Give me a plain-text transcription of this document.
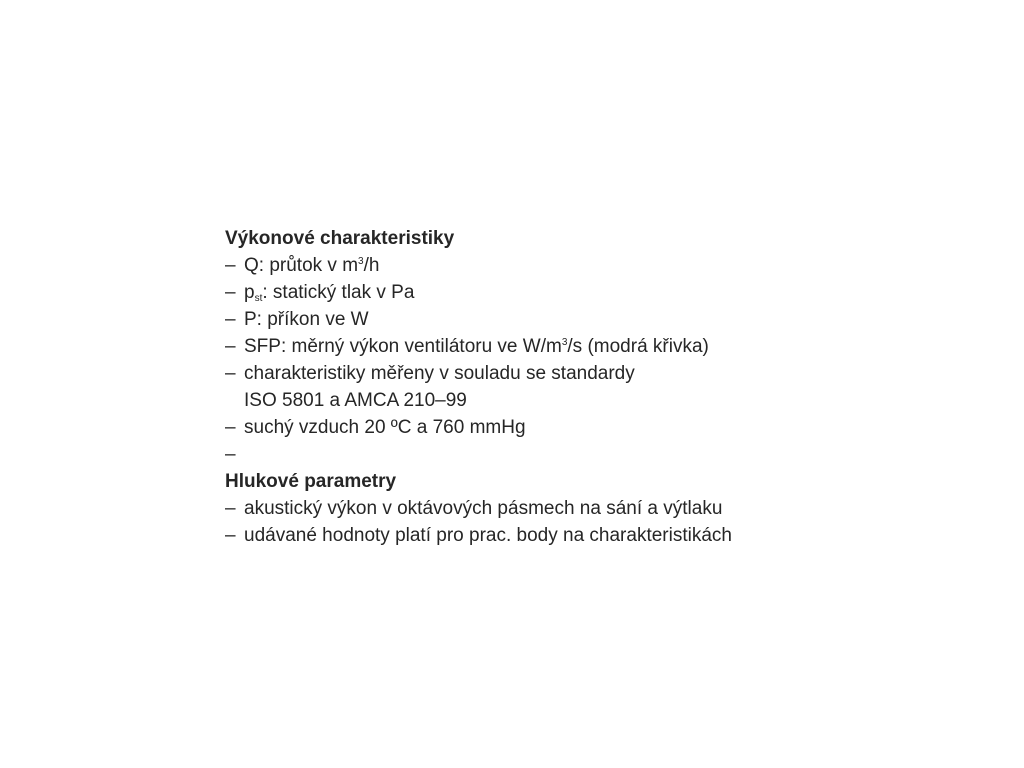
Výkonové charakteristiky

– Q: průtok v $m^3/h$

– $p_{st}$: statický tlak v Pa

– P: příkon ve W

– SFP: měrný výkon ventilátoru ve $W/m^3/s$ (modrá křivka)

– charakteristiky měřeny v souladu se standardy

ISO 5801 a AMCA 210–99

– suchý vzduch 20 ºC a 760 mmHg

–

Hlukové parametry

– akustický výkon v oktávových pásmech na sání a výtlaku

– udávané hodnoty platí pro prac. body na charakteristikách
